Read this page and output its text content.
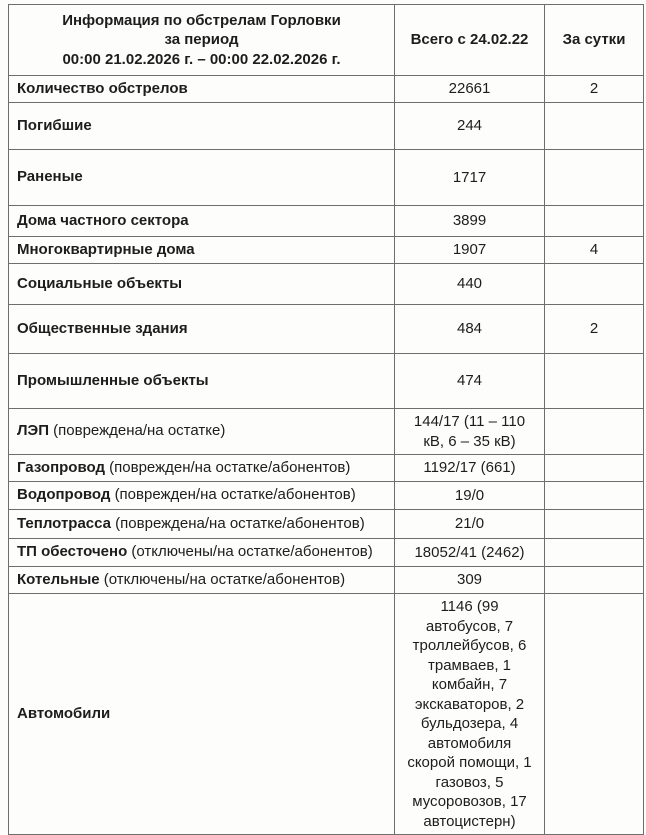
Информация по обстрелам Горловки
за период
00:00 21.02.2026 г. – 00:00 22.02.2026 г.	Всего с 24.02.22	За сутки
Количество обстрелов	22661	2
Погибшие	244	
Раненые	1717	
Дома частного сектора	3899	
Многоквартирные дома	1907	4
Социальные объекты	440	
Общественные здания	484	2
Промышленные объекты	474	
ЛЭП (повреждена/на остатке)	144/17 (11 – 110 кВ, 6 – 35 кВ)	
Газопровод (поврежден/на остатке/абонентов)	1192/17 (661)	
Водопровод (поврежден/на остатке/абонентов)	19/0	
Теплотрасса (повреждена/на остатке/абонентов)	21/0	
ТП обесточено (отключены/на остатке/абонентов)	18052/41 (2462)	
Котельные (отключены/на остатке/абонентов)	309	
Автомобили	1146 (99 автобусов, 7 троллейбусов, 6 трамваев, 1 комбайн, 7 экскаваторов, 2 бульдозера, 4 автомобиля скорой помощи, 1 газовоз, 5 мусоровозов, 17 автоцистерн)	
